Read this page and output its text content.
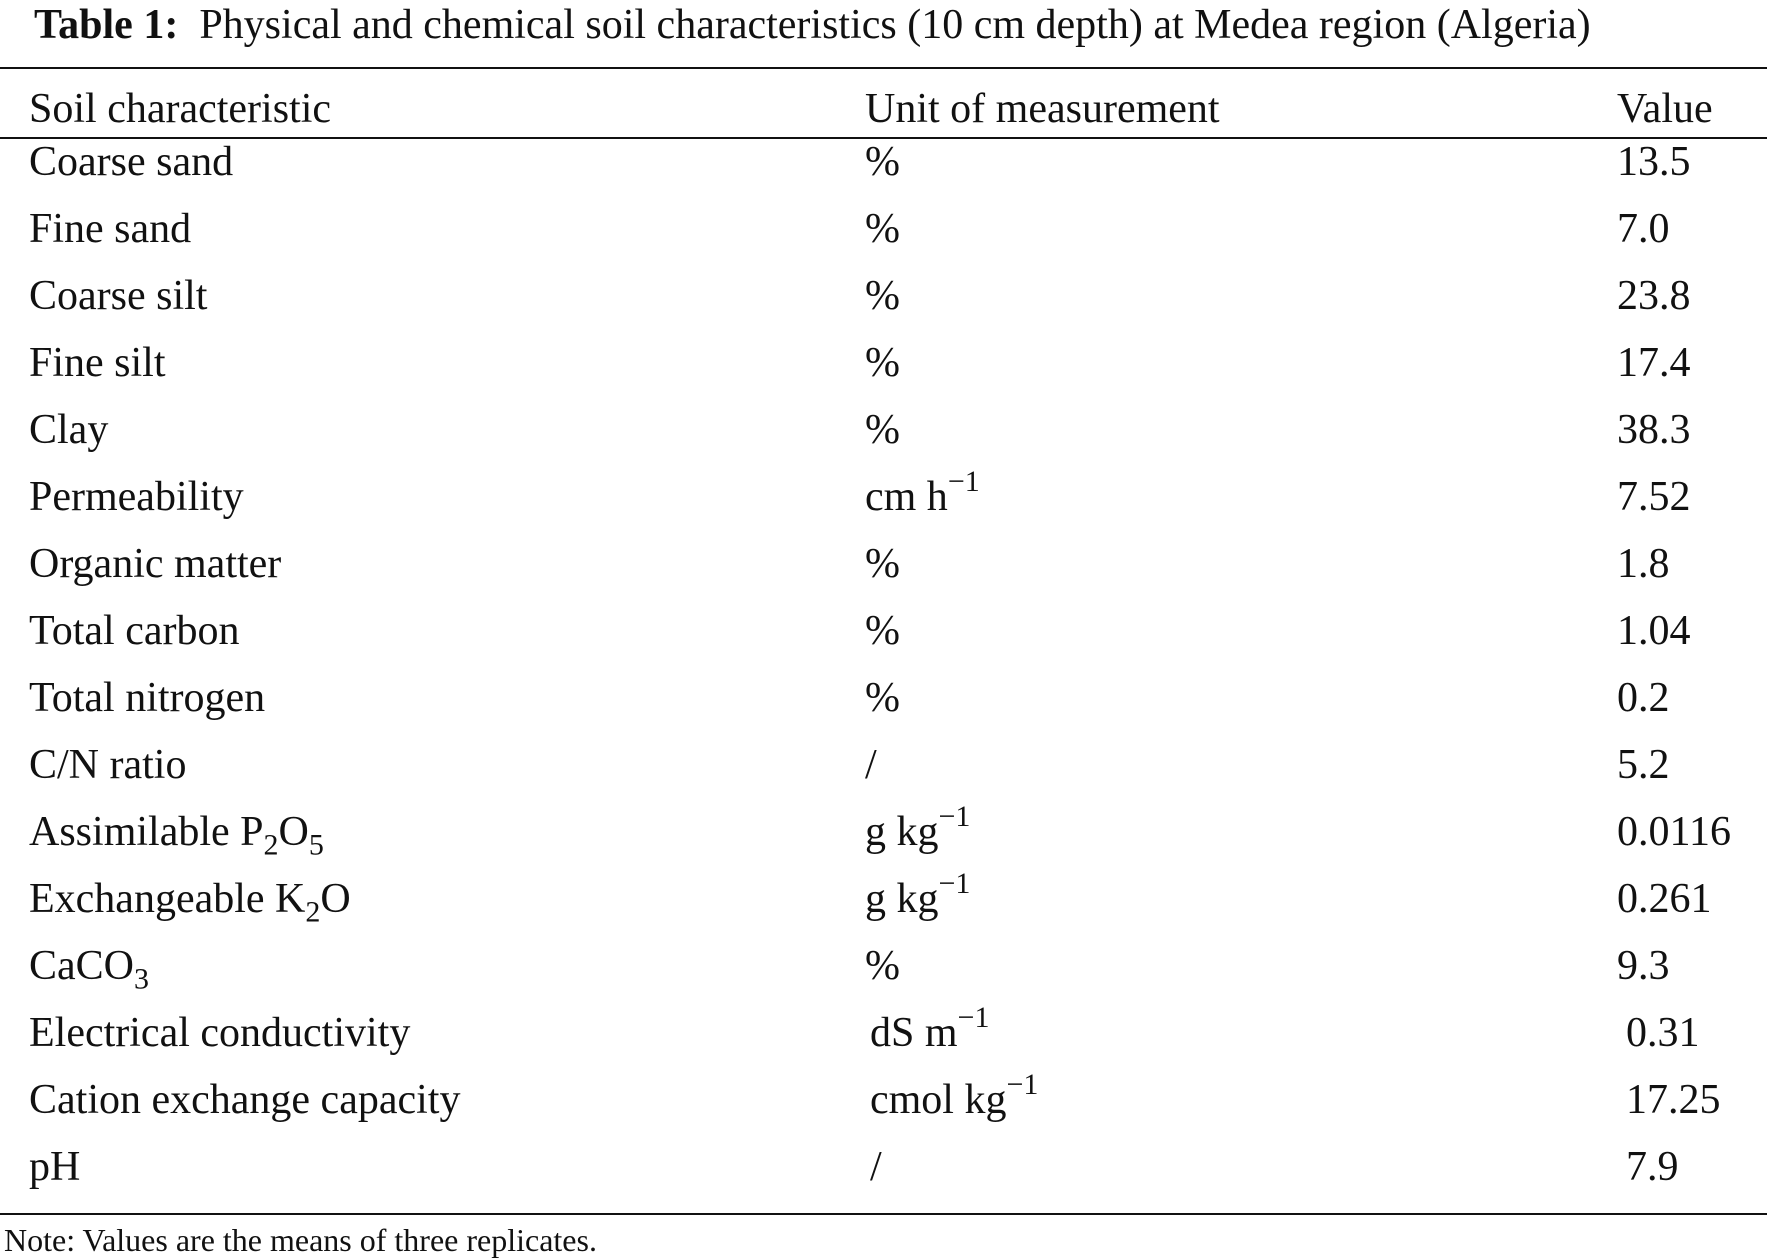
Table 1: Physical and chemical soil characteristics (10 cm depth) at Medea region (Algeria)
Soil characteristic	Unit of measurement	Value
Coarse sand	%	13.5
Fine sand	%	7.0
Coarse silt	%	23.8
Fine silt	%	17.4
Clay	%	38.3
Permeability	cm $h^{-1}$	7.52
Organic matter	%	1.8
Total carbon	%	1.04
Total nitrogen	%	0.2
C/N ratio	/	5.2
Assimilable $P_2O_5$	g $kg^{-1}$	0.0116
Exchangeable $K_2O$	g $kg^{-1}$	0.261
CaCO$_3$	%	9.3
Electrical conductivity	dS $m^{-1}$	0.31
Cation exchange capacity	cmol $kg^{-1}$	17.25
pH	/	7.9
Note: Values are the means of three replicates.
